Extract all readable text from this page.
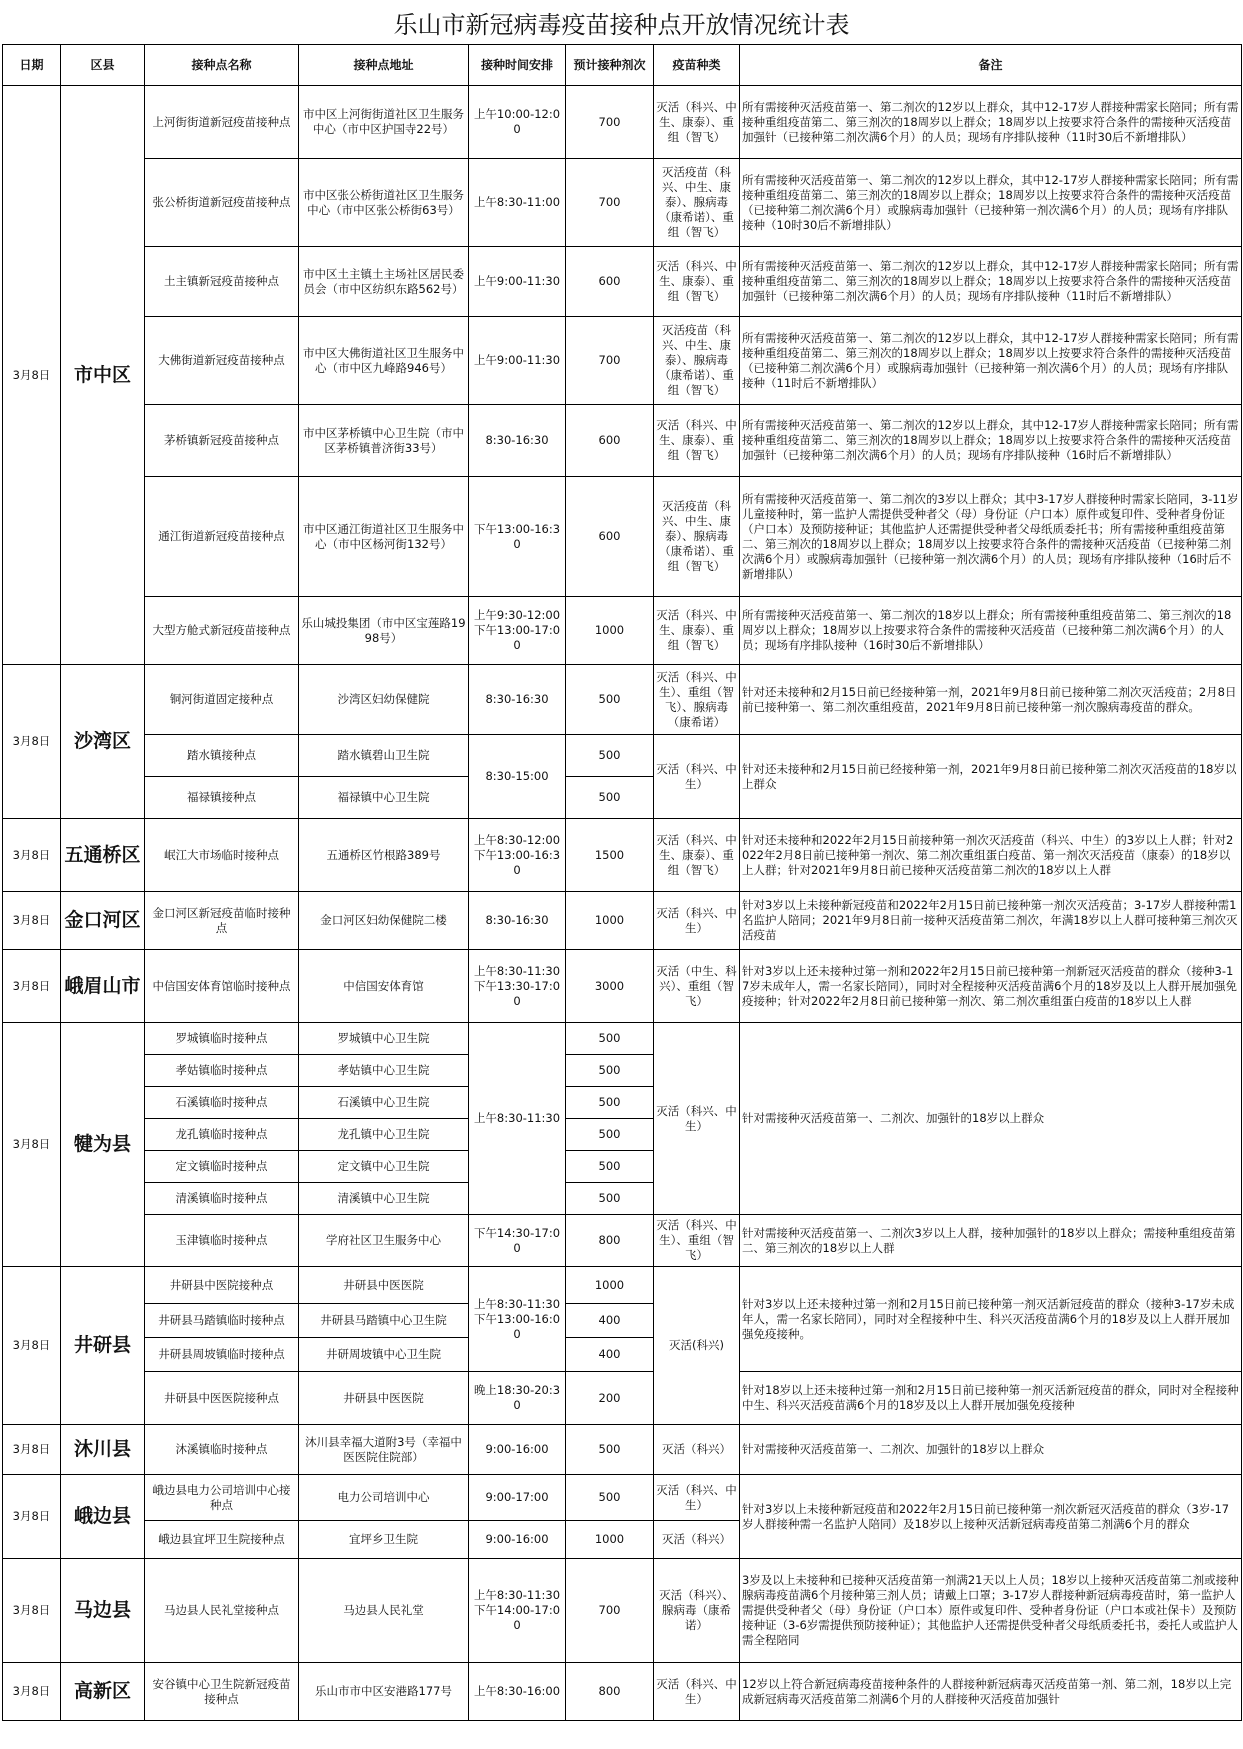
乐山市新冠病毒疫苗接种点开放情况统计表
日期	区县	接种点名称	接种点地址	接种时间安排	预计接种剂次	疫苗种类	备注
3月8日	市中区	上河街街道新冠疫苗接种点	市中区上河街街道社区卫生服务中心（市中区护国寺22号）	上午10:00-12:00	700	灭活（科兴、中生、康泰）、重组（智飞）	所有需接种灭活疫苗第一、第二剂次的12岁以上群众，其中12-17岁人群接种需家长陪同；所有需接种重组疫苗第二、第三剂次的18周岁以上群众；18周岁以上按要求符合条件的需接种灭活疫苗加强针（已接种第二剂次满6个月）的人员；现场有序排队接种（11时30后不新增排队）
		张公桥街道新冠疫苗接种点	市中区张公桥街道社区卫生服务中心（市中区张公桥街63号）	上午8:30-11:00	700	灭活疫苗（科兴、中生、康泰）、腺病毒（康希诺）、重组（智飞）	所有需接种灭活疫苗第一、第二剂次的12岁以上群众，其中12-17岁人群接种需家长陪同；所有需接种重组疫苗第二、第三剂次的18周岁以上群众；18周岁以上按要求符合条件的需接种灭活疫苗（已接种第二剂次满6个月）或腺病毒加强针（已接种第一剂次满6个月）的人员；现场有序排队接种（10时30后不新增排队）
		土主镇新冠疫苗接种点	市中区土主镇土主场社区居民委员会（市中区纺织东路562号）	上午9:00-11:30	600	灭活（科兴、中生、康泰）、重组（智飞）	所有需接种灭活疫苗第一、第二剂次的12岁以上群众，其中12-17岁人群接种需家长陪同；所有需接种重组疫苗第二、第三剂次的18周岁以上群众；18周岁以上按要求符合条件的需接种灭活疫苗加强针（已接种第二剂次满6个月）的人员；现场有序排队接种（11时后不新增排队）
		大佛街道新冠疫苗接种点	市中区大佛街道社区卫生服务中心（市中区九峰路946号）	上午9:00-11:30	700	灭活疫苗（科兴、中生、康泰）、腺病毒（康希诺）、重组（智飞）	所有需接种灭活疫苗第一、第二剂次的12岁以上群众，其中12-17岁人群接种需家长陪同；所有需接种重组疫苗第二、第三剂次的18周岁以上群众；18周岁以上按要求符合条件的需接种灭活疫苗（已接种第二剂次满6个月）或腺病毒加强针（已接种第一剂次满6个月）的人员；现场有序排队接种（11时后不新增排队）
		茅桥镇新冠疫苗接种点	市中区茅桥镇中心卫生院（市中区茅桥镇普济街33号）	8:30-16:30	600	灭活（科兴、中生、康泰）、重组（智飞）	所有需接种灭活疫苗第一、第二剂次的12岁以上群众，其中12-17岁人群接种需家长陪同；所有需接种重组疫苗第二、第三剂次的18周岁以上群众；18周岁以上按要求符合条件的需接种灭活疫苗加强针（已接种第二剂次满6个月）的人员；现场有序排队接种（16时后不新增排队）
		通江街道新冠疫苗接种点	市中区通江街道社区卫生服务中心（市中区杨河街132号）	下午13:00-16:30	600	灭活疫苗（科兴、中生、康泰）、腺病毒（康希诺）、重组（智飞）	所有需接种灭活疫苗第一、第二剂次的3岁以上群众；其中3-17岁人群接种时需家长陪同，3-11岁儿童接种时，第一监护人需提供受种者父（母）身份证（户口本）原件或复印件、受种者身份证（户口本）及预防接种证；其他监护人还需提供受种者父母纸质委托书；所有需接种重组疫苗第二、第三剂次的18周岁以上群众；18周岁以上按要求符合条件的需接种灭活疫苗（已接种第二剂次满6个月）或腺病毒加强针（已接种第一剂次满6个月）的人员；现场有序排队接种（16时后不新增排队）
		大型方舱式新冠疫苗接种点	乐山城投集团（市中区宝莲路1998号）	上午9:30-12:00 下午13:00-17:00	1000	灭活（科兴、中生、康泰）、重组（智飞）	所有需接种灭活疫苗第一、第二剂次的18岁以上群众；所有需接种重组疫苗第二、第三剂次的18周岁以上群众；18周岁以上按要求符合条件的需接种灭活疫苗（已接种第二剂次满6个月）的人员；现场有序排队接种（16时30后不新增排队）
3月8日	沙湾区	铜河街道固定接种点	沙湾区妇幼保健院	8:30-16:30	500	灭活（科兴、中生）、重组（智飞）、腺病毒（康希诺）	针对还未接种和2月15日前已经接种第一剂，2021年9月8日前已接种第二剂次灭活疫苗；2月8日前已接种第一、第二剂次重组疫苗，2021年9月8日前已接种第一剂次腺病毒疫苗的群众。
		踏水镇接种点	踏水镇碧山卫生院	8:30-15:00	500	灭活（科兴、中生）	针对还未接种和2月15日前已经接种第一剂，2021年9月8日前已接种第二剂次灭活疫苗的18岁以上群众
		福禄镇接种点	福禄镇中心卫生院		500		
3月8日	五通桥区	岷江大市场临时接种点	五通桥区竹根路389号	上午8:30-12:00 下午13:00-16:30	1500	灭活（科兴、中生、康泰）、重组（智飞）	针对还未接种和2022年2月15日前接种第一剂次灭活疫苗（科兴、中生）的3岁以上人群；针对2022年2月8日前已接种第一剂次、第二剂次重组蛋白疫苗、第一剂次灭活疫苗（康泰）的18岁以上人群；针对2021年9月8日前已接种灭活疫苗第二剂次的18岁以上人群
3月8日	金口河区	金口河区新冠疫苗临时接种点	金口河区妇幼保健院二楼	8:30-16:30	1000	灭活（科兴、中生）	针对3岁以上未接种新冠疫苗和2022年2月15日前已接种第一剂次灭活疫苗；3-17岁人群接种需1名监护人陪同；2021年9月8日前一接种灭活疫苗第二剂次，年满18岁以上人群可接种第三剂次灭活疫苗
3月8日	峨眉山市	中信国安体育馆临时接种点	中信国安体育馆	上午8:30-11:30 下午13:30-17:00	3000	灭活（中生、科兴）、重组（智飞）	针对3岁以上还未接种过第一剂和2022年2月15日前已接种第一剂新冠灭活疫苗的群众（接种3-17岁未成年人，需一名家长陪同），同时对全程接种灭活疫苗满6个月的18岁及以上人群开展加强免疫接种；针对2022年2月8日前已接种第一剂次、第二剂次重组蛋白疫苗的18岁以上人群
3月8日	犍为县	罗城镇临时接种点	罗城镇中心卫生院	上午8:30-11:30	500	灭活（科兴、中生）	针对需接种灭活疫苗第一、二剂次、加强针的18岁以上群众
		孝姑镇临时接种点	孝姑镇中心卫生院		500		
		石溪镇临时接种点	石溪镇中心卫生院		500		
		龙孔镇临时接种点	龙孔镇中心卫生院		500		
		定文镇临时接种点	定文镇中心卫生院		500		
		清溪镇临时接种点	清溪镇中心卫生院		500		
		玉津镇临时接种点	学府社区卫生服务中心	下午14:30-17:00	800	灭活（科兴、中生）、重组（智飞）	针对需接种灭活疫苗第一、二剂次3岁以上人群，接种加强针的18岁以上群众；需接种重组疫苗第二、第三剂次的18岁以上人群
3月8日	井研县	井研县中医院接种点	井研县中医医院	上午8:30-11:30 下午13:00-16:00	1000	灭活(科兴)	针对3岁以上还未接种过第一剂和2月15日前已接种第一剂灭活新冠疫苗的群众（接种3-17岁未成年人，需一名家长陪同），同时对全程接种中生、科兴灭活疫苗满6个月的18岁及以上人群开展加强免疫接种。
		井研县马踏镇临时接种点	井研县马踏镇中心卫生院		400		
		井研县周坡镇临时接种点	井研周坡镇中心卫生院		400		
		井研县中医医院接种点	井研县中医医院	晚上18:30-20:30	200		针对18岁以上还未接种过第一剂和2月15日前已接种第一剂灭活新冠疫苗的群众，同时对全程接种中生、科兴灭活疫苗满6个月的18岁及以上人群开展加强免疫接种
3月8日	沐川县	沐溪镇临时接种点	沐川县幸福大道附3号（幸福中医医院住院部）	9:00-16:00	500	灭活（科兴）	针对需接种灭活疫苗第一、二剂次、加强针的18岁以上群众
3月8日	峨边县	峨边县电力公司培训中心接种点	电力公司培训中心	9:00-17:00	500	灭活（科兴、中生）	针对3岁以上未接种新冠疫苗和2022年2月15日前已接种第一剂次新冠灭活疫苗的群众（3岁-17岁人群接种需一名监护人陪同）及18岁以上接种灭活新冠病毒疫苗第二剂满6个月的群众
		峨边县宜坪卫生院接种点	宜坪乡卫生院	9:00-16:00	1000	灭活（科兴）	
3月8日	马边县	马边县人民礼堂接种点	马边县人民礼堂	上午8:30-11:30 下午14:00-17:00	700	灭活（科兴）、腺病毒（康希诺）	3岁及以上未接种和已接种灭活疫苗第一剂满21天以上人员；18岁以上接种灭活疫苗第二剂或接种腺病毒疫苗满6个月接种第三剂人员；请戴上口罩；3-17岁人群接种新冠病毒疫苗时，第一监护人需提供受种者父（母）身份证（户口本）原件或复印件、受种者身份证（户口本或社保卡）及预防接种证（3-6岁需提供预防接种证）；其他监护人还需提供受种者父母纸质委托书，委托人或监护人需全程陪同
3月8日	高新区	安谷镇中心卫生院新冠疫苗接种点	乐山市市中区安港路177号	上午8:30-16:00	800	灭活（科兴、中生）	12岁以上符合新冠病毒疫苗接种条件的人群接种新冠病毒灭活疫苗第一剂、第二剂，18岁以上完成新冠病毒灭活疫苗第二剂满6个月的人群接种灭活疫苗加强针
